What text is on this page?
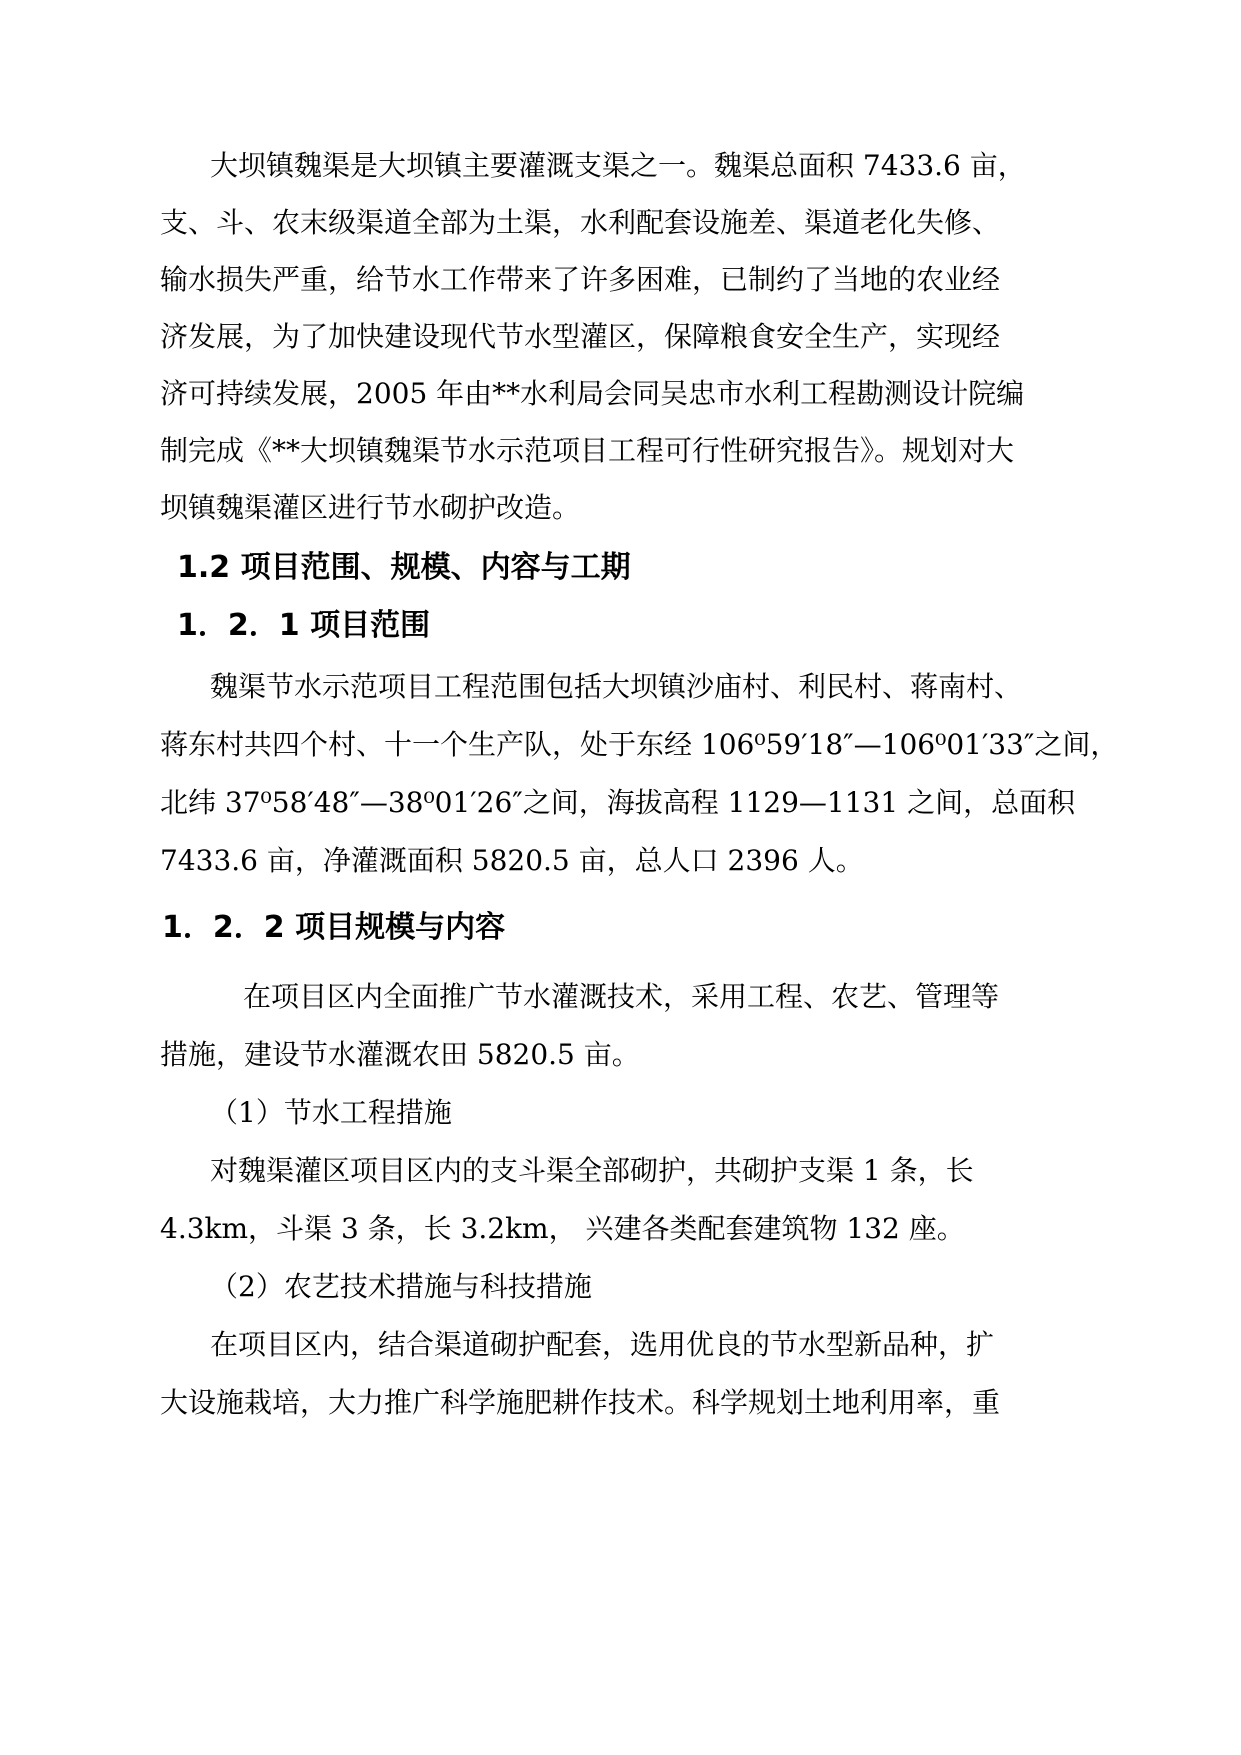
大坝镇魏渠是大坝镇主要灌溉支渠之一。魏渠总面积 7433.6 亩，
支、斗、农末级渠道全部为土渠，水利配套设施差、渠道老化失修、
输水损失严重，给节水工作带来了许多困难，已制约了当地的农业经
济发展，为了加快建设现代节水型灌区，保障粮食安全生产，实现经
济可持续发展，2005 年由**水利局会同吴忠市水利工程勘测设计院编
制完成《**大坝镇魏渠节水示范项目工程可行性研究报告》。规划对大
坝镇魏渠灌区进行节水砌护改造。
1.2 项目范围、规模、内容与工期
1．2．1 项目范围
魏渠节水示范项目工程范围包括大坝镇沙庙村、利民村、蒋南村、
蒋东村共四个村、十一个生产队，处于东经 106⁰59′18″—106⁰01′33″之间，
北纬 37⁰58′48″—38⁰01′26″之间，海拔高程 1129—1131 之间，总面积
7433.6 亩，净灌溉面积 5820.5 亩，总人口 2396 人。
1．2．2 项目规模与内容
在项目区内全面推广节水灌溉技术，采用工程、农艺、管理等
措施，建设节水灌溉农田 5820.5 亩。
（1）节水工程措施
对魏渠灌区项目区内的支斗渠全部砌护，共砌护支渠 1 条，长
4.3km，斗渠 3 条，长 3.2km， 兴建各类配套建筑物 132 座。
（2）农艺技术措施与科技措施
在项目区内，结合渠道砌护配套，选用优良的节水型新品种，扩
大设施栽培，大力推广科学施肥耕作技术。科学规划土地利用率，重
